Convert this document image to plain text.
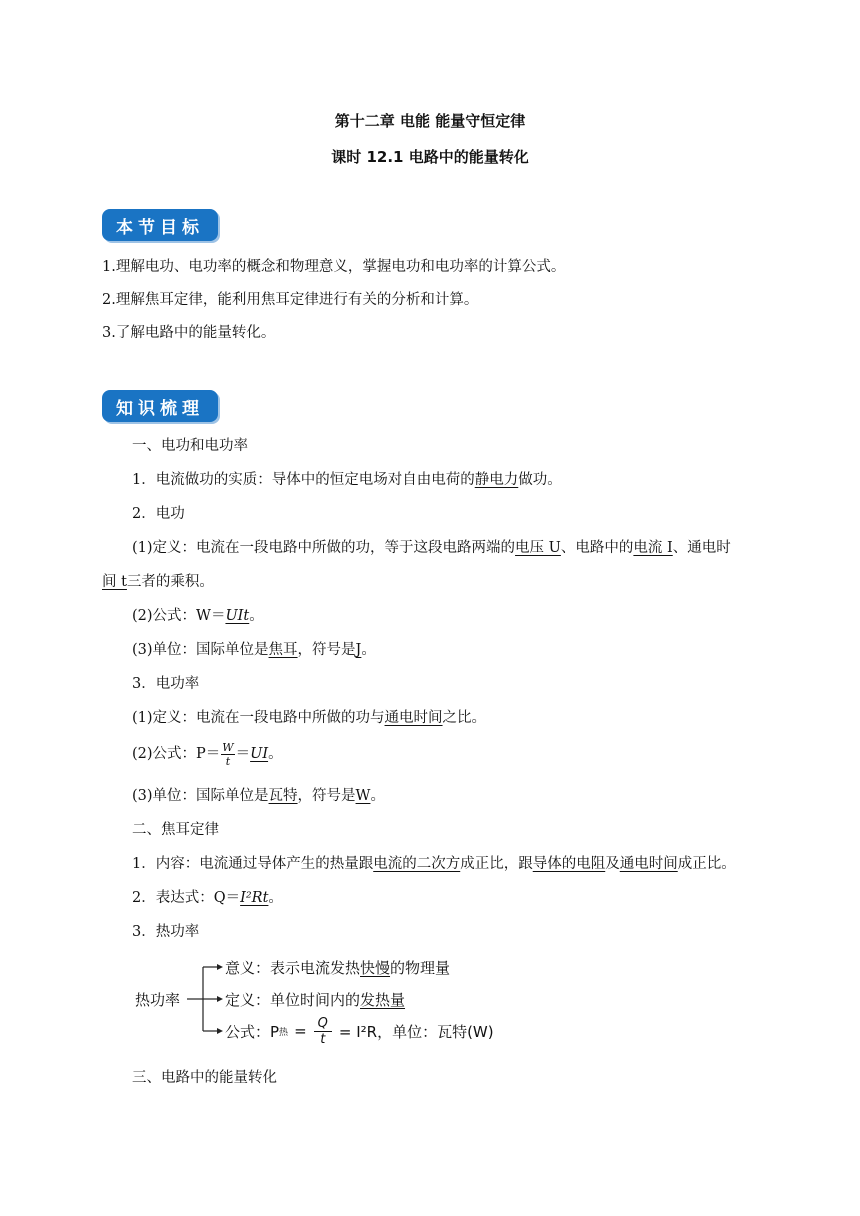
第十二章 电能 能量守恒定律
课时 12.1 电路中的能量转化
本节目标
1.理解电功、电功率的概念和物理意义，掌握电功和电功率的计算公式。
2.理解焦耳定律，能利用焦耳定律进行有关的分析和计算。
3.了解电路中的能量转化。
知识梳理
一、电功和电功率
1．电流做功的实质：导体中的恒定电场对自由电荷的静电力做功。
2．电功
(1)定义：电流在一段电路中所做的功，等于这段电路两端的电压 U、电路中的电流 I、通电时
间 t三者的乘积。
(2)公式：W＝UIt。
(3)单位：国际单位是焦耳，符号是J。
3．电功率
(1)定义：电流在一段电路中所做的功与通电时间之比。
(2)公式：$P= \frac{W}{t}$ ＝ UI 。
(3)单位：国际单位是瓦特，符号是W。
二、焦耳定律
1．内容：电流通过导体产生的热量跟电流的二次方成正比，跟导体的电阻及通电时间成正比。
2．表达式：Q＝I²Rt。
3．热功率
热功率
意义：表示电流发热快慢的物理量
定义：单位时间内的发热量
公式：P 热 = $\frac{Q}{t} = I^2R$，单位：瓦特(W)
三、电路中的能量转化
